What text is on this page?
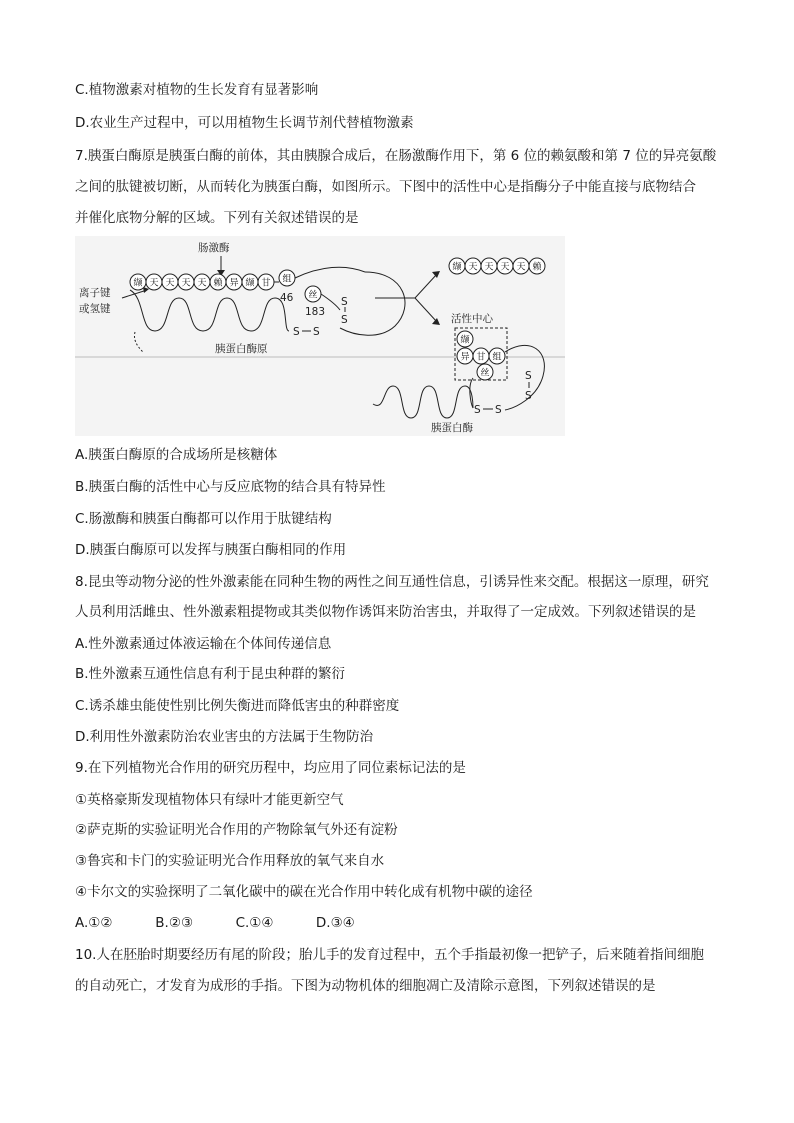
C.植物激素对植物的生长发育有显著影响
D.农业生产过程中，可以用植物生长调节剂代替植物激素
7.胰蛋白酶原是胰蛋白酶的前体，其由胰腺合成后，在肠激酶作用下，第 6 位的赖氨酸和第 7 位的异亮氨酸
之间的肽键被切断，从而转化为胰蛋白酶，如图所示。下图中的活性中心是指酶分子中能直接与底物结合
并催化底物分解的区域。下列有关叙述错误的是
肠激酶
离子键
或氢键
缬 天 天 天 天 赖 异 缬 甘 组
46 丝
183
S
S
S S
胰蛋白酶原
缬 天 天 天 天 赖
活性中心
缬
异 甘 组
丝	S
S
S S
胰蛋白酶
A.胰蛋白酶原的合成场所是核糖体
B.胰蛋白酶的活性中心与反应底物的结合具有特异性
C.肠激酶和胰蛋白酶都可以作用于肽键结构
D.胰蛋白酶原可以发挥与胰蛋白酶相同的作用
8.昆虫等动物分泌的性外激素能在同种生物的两性之间互通性信息，引诱异性来交配。根据这一原理，研究
人员利用活雌虫、性外激素粗提物或其类似物作诱饵来防治害虫，并取得了一定成效。下列叙述错误的是
A.性外激素通过体液运输在个体间传递信息
B.性外激素互通性信息有利于昆虫种群的繁衍
C.诱杀雄虫能使性别比例失衡进而降低害虫的种群密度
D.利用性外激素防治农业害虫的方法属于生物防治
9.在下列植物光合作用的研究历程中，均应用了同位素标记法的是
①英格豪斯发现植物体只有绿叶才能更新空气
②萨克斯的实验证明光合作用的产物除氧气外还有淀粉
③鲁宾和卡门的实验证明光合作用释放的氧气来自水
④卡尔文的实验探明了二氧化碳中的碳在光合作用中转化成有机物中碳的途径
A.①②	B.②③	C.①④	D.③④
10.人在胚胎时期要经历有尾的阶段；胎儿手的发育过程中，五个手指最初像一把铲子，后来随着指间细胞
的自动死亡，才发育为成形的手指。下图为动物机体的细胞凋亡及清除示意图，下列叙述错误的是
